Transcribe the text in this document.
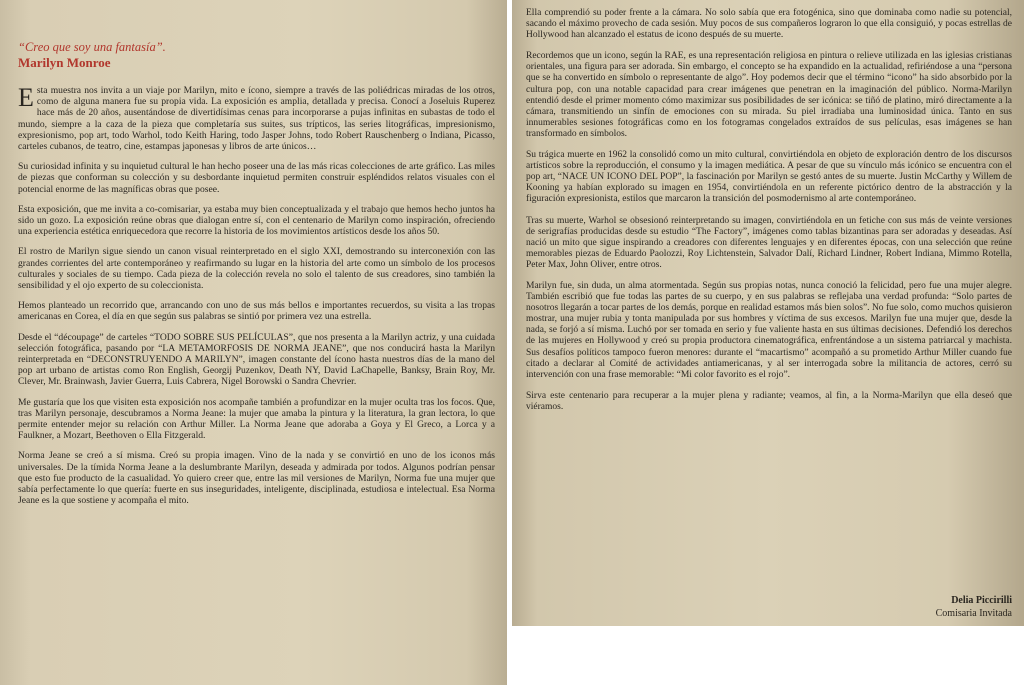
“Creo que soy una fantasía”.

Marilyn Monroe

Esta muestra nos invita a un viaje por Marilyn, mito e ícono, siempre a través de las poliédricas miradas de los otros, como de alguna manera fue su propia vida. La exposición es amplia, detallada y precisa. Conocí a Joseluis Ruperez hace más de 20 años, ausentándose de divertidísimas cenas para incorporarse a pujas infinitas en subastas de todo el mundo, siempre a la caza de la pieza que completaría sus suites, sus trípticos, las series litográficas, impresionismo, expresionismo, pop art, todo Warhol, todo Keith Haring, todo Jasper Johns, todo Robert Rauschenberg o Indiana, Picasso, carteles cubanos, de teatro, cine, estampas japonesas y libros de arte únicos…

Su curiosidad infinita y su inquietud cultural le han hecho poseer una de las más ricas colecciones de arte gráfico. Las miles de piezas que conforman su colección y su desbordante inquietud permiten construir espléndidos relatos visuales con el potencial enorme de las magníficas obras que posee.

Esta exposición, que me invita a co-comisariar, ya estaba muy bien conceptualizada y el trabajo que hemos hecho juntos ha sido un gozo. La exposición reúne obras que dialogan entre sí, con el centenario de Marilyn como inspiración, ofreciendo una experiencia estética enriquecedora que recorre la historia de los movimientos artísticos desde los años 50.

El rostro de Marilyn sigue siendo un canon visual reinterpretado en el siglo XXI, demostrando su interconexión con las grandes corrientes del arte contemporáneo y reafirmando su lugar en la historia del arte como un símbolo de los procesos culturales y sociales de su tiempo. Cada pieza de la colección revela no solo el talento de sus creadores, sino también la sensibilidad y el ojo experto de su coleccionista.

Hemos planteado un recorrido que, arrancando con uno de sus más bellos e importantes recuerdos, su visita a las tropas americanas en Corea, el día en que según sus palabras se sintió por primera vez una estrella.

Desde el “découpage” de carteles “TODO SOBRE SUS PELÍCULAS”, que nos presenta a la Marilyn actriz, y una cuidada selección fotográfica, pasando por “LA METAMORFOSIS DE NORMA JEANE”, que nos conducirá hasta la Marilyn reinterpretada en “DECONSTRUYENDO A MARILYN”, imagen constante del ícono hasta nuestros días de la mano del pop art urbano de artistas como Ron English, Georgij Puzenkov, Death NY, David LaChapelle, Banksy, Brain Roy, Mr. Clever, Mr. Brainwash, Javier Guerra, Luis Cabrera, Nigel Borowski o Sandra Chevrier.

Me gustaría que los que visiten esta exposición nos acompañe también a profundizar en la mujer oculta tras los focos. Que, tras Marilyn personaje, descubramos a Norma Jeane: la mujer que amaba la pintura y la literatura, la gran lectora, lo que permite entender mejor su relación con Arthur Miller. La Norma Jeane que adoraba a Goya y El Greco, a Lorca y a Faulkner, a Mozart, Beethoven o Ella Fitzgerald.

Norma Jeane se creó a sí misma. Creó su propia imagen. Vino de la nada y se convirtió en uno de los iconos más universales. De la tímida Norma Jeane a la deslumbrante Marilyn, deseada y admirada por todos. Algunos podrían pensar que esto fue producto de la casualidad. Yo quiero creer que, entre las mil versiones de Marilyn, Norma fue una mujer que sabía perfectamente lo que quería: fuerte en sus inseguridades, inteligente, disciplinada, estudiosa e intelectual. Esa Norma Jeane es la que sostiene y acompaña el mito.

Ella comprendió su poder frente a la cámara. No solo sabía que era fotogénica, sino que dominaba como nadie su potencial, sacando el máximo provecho de cada sesión. Muy pocos de sus compañeros lograron lo que ella consiguió, y pocas estrellas de Hollywood han alcanzado el estatus de icono después de su muerte.

Recordemos que un icono, según la RAE, es una representación religiosa en pintura o relieve utilizada en las iglesias cristianas orientales, una figura para ser adorada. Sin embargo, el concepto se ha expandido en la actualidad, refiriéndose a una “persona que se ha convertido en símbolo o representante de algo”. Hoy podemos decir que el término “icono” ha sido absorbido por la cultura pop, con una notable capacidad para crear imágenes que penetran en la imaginación del público. Norma-Marilyn entendió desde el primer momento cómo maximizar sus posibilidades de ser icónica: se tiñó de platino, miró directamente a la cámara, transmitiendo un sinfín de emociones con su mirada. Su piel irradiaba una luminosidad única. Tanto en sus innumerables sesiones fotográficas como en los fotogramas congelados extraídos de sus películas, esas imágenes se han transformado en símbolos.

Su trágica muerte en 1962 la consolidó como un mito cultural, convirtiéndola en objeto de exploración dentro de los discursos artísticos sobre la reproducción, el consumo y la imagen mediática. A pesar de que su vínculo más icónico se encuentra con el pop art, “NACE UN ICONO DEL POP”, la fascinación por Marilyn se gestó antes de su muerte. Justin McCarthy y Willem de Kooning ya habían explorado su imagen en 1954, convirtiéndola en un referente pictórico dentro de la abstracción y la figuración expresionista, estilos que marcaron la transición del posmodernismo al arte contemporáneo.

Tras su muerte, Warhol se obsesionó reinterpretando su imagen, convirtiéndola en un fetiche con sus más de veinte versiones de serigrafías producidas desde su estudio “The Factory”, imágenes como tablas bizantinas para ser adoradas y deseadas. Así nació un mito que sigue inspirando a creadores con diferentes lenguajes y en diferentes épocas, con una selección que reúne memorables piezas de Eduardo Paolozzi, Roy Lichtenstein, Salvador Dalí, Richard Lindner, Robert Indiana, Mimmo Rotella, Peter Max, John Oliver, entre otros.

Marilyn fue, sin duda, un alma atormentada. Según sus propias notas, nunca conoció la felicidad, pero fue una mujer alegre. También escribió que fue todas las partes de su cuerpo, y en sus palabras se reflejaba una verdad profunda: “Solo partes de nosotros llegarán a tocar partes de los demás, porque en realidad estamos más bien solos”. No fue solo, como muchos quisieron mostrar, una mujer rubia y tonta manipulada por sus hombres y víctima de sus excesos. Marilyn fue una mujer que, desde la nada, se forjó a sí misma. Luchó por ser tomada en serio y fue valiente hasta en sus últimas decisiones. Defendió los derechos de las mujeres en Hollywood y creó su propia productora cinematográfica, enfrentándose a un sistema patriarcal y machista. Sus desafíos políticos tampoco fueron menores: durante el “macartismo” acompañó a su prometido Arthur Miller cuando fue citado a declarar al Comité de actividades antiamericanas, y al ser interrogada sobre la militancia de actores, cerró su intervención con una frase memorable: “Mi color favorito es el rojo”.

Sirva este centenario para recuperar a la mujer plena y radiante; veamos, al fin, a la Norma-Marilyn que ella deseó que viéramos.

Delia Piccirilli
Comisaria Invitada
